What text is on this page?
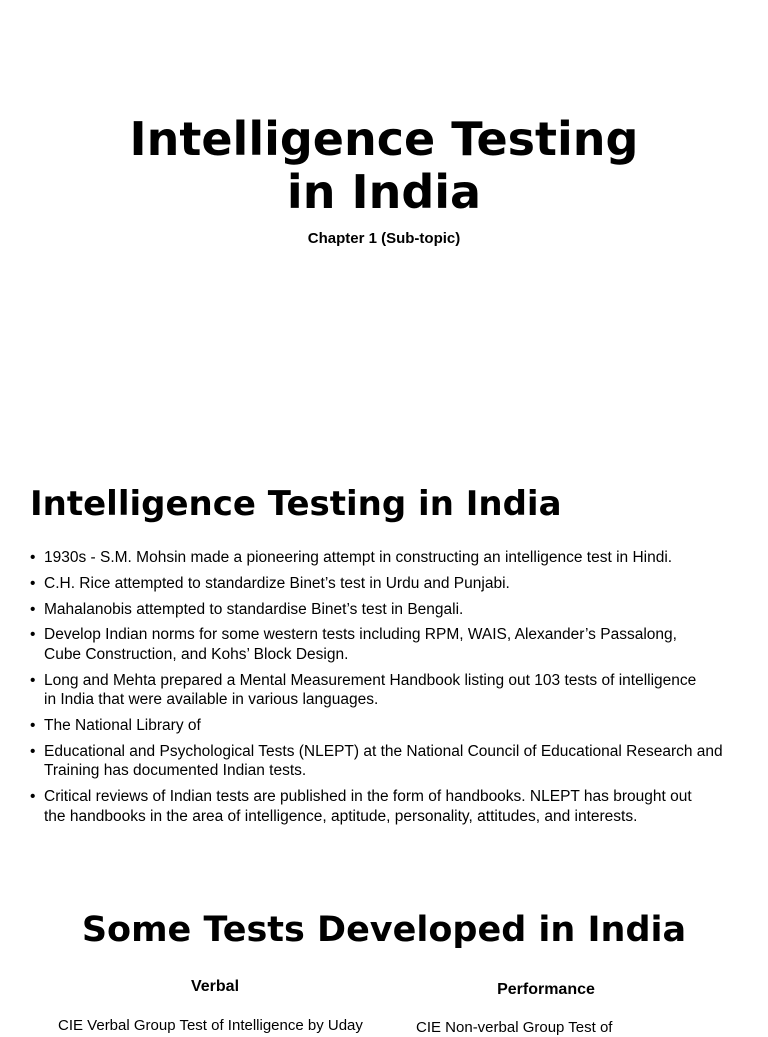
Intelligence Testing
in India
Chapter 1 (Sub-topic)
Intelligence Testing in India
• 1930s - S.M. Mohsin made a pioneering attempt in constructing an intelligence test in Hindi.
• C.H. Rice attempted to standardize Binet’s test in Urdu and Punjabi.
• Mahalanobis attempted to standardise Binet’s test in Bengali.
• Develop Indian norms for some western tests including RPM, WAIS, Alexander’s Passalong,
Cube Construction, and Kohs’ Block Design.
• Long and Mehta prepared a Mental Measurement Handbook listing out 103 tests of intelligence
in India that were available in various languages.
• The National Library of
• Educational and Psychological Tests (NLEPT) at the National Council of Educational Research and
Training has documented Indian tests.
• Critical reviews of Indian tests are published in the form of handbooks. NLEPT has brought out
the handbooks in the area of intelligence, aptitude, personality, attitudes, and interests.
Some Tests Developed in India
Verbal	Performance
CIE Verbal Group Test of Intelligence by Uday	CIE Non-verbal Group Test of
